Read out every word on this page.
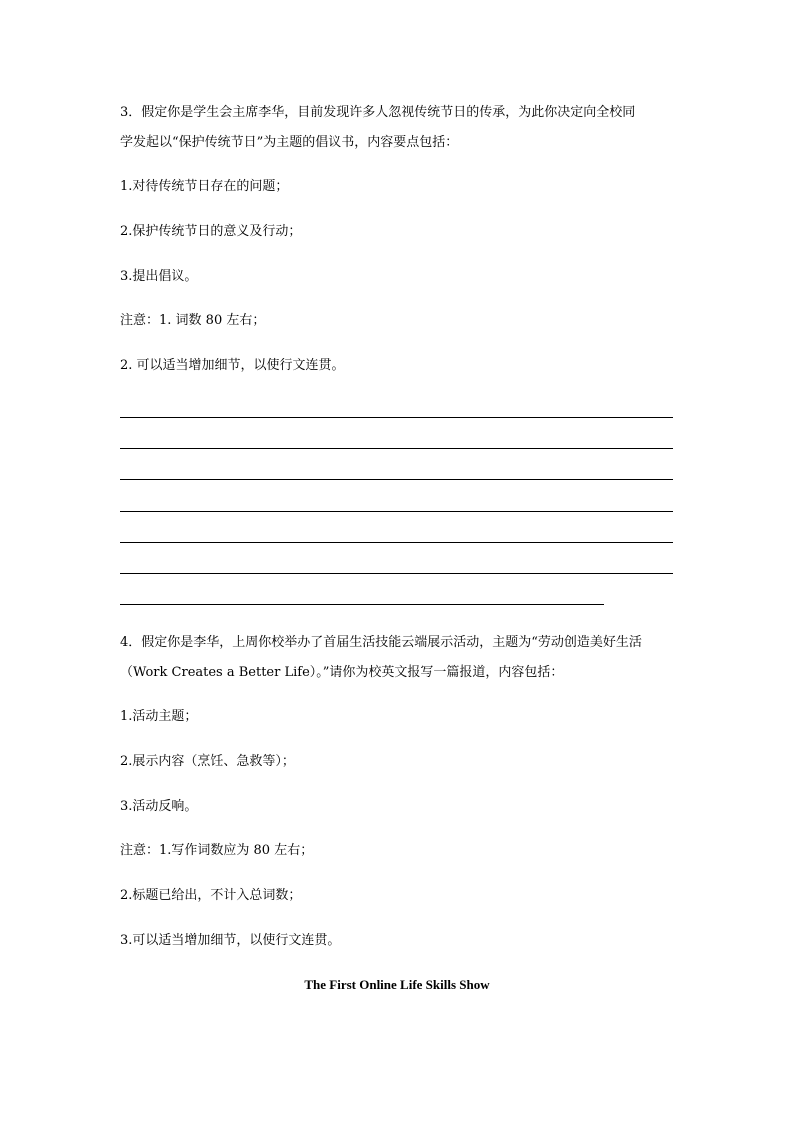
3．假定你是学生会主席李华，目前发现许多人忽视传统节日的传承，为此你决定向全校同
学发起以“保护传统节日”为主题的倡议书，内容要点包括：
1.对待传统节日存在的问题；
2.保护传统节日的意义及行动；
3.提出倡议。
注意：1. 词数 80 左右；
2. 可以适当增加细节，以使行文连贯。
4．假定你是李华，上周你校举办了首届生活技能云端展示活动，主题为“劳动创造美好生活
（Work Creates a Better Life）。”请你为校英文报写一篇报道，内容包括：
1.活动主题；
2.展示内容（烹饪、急救等）；
3.活动反响。
注意：1.写作词数应为 80 左右；
2.标题已给出，不计入总词数；
3.可以适当增加细节，以使行文连贯。
The First Online Life Skills Show
